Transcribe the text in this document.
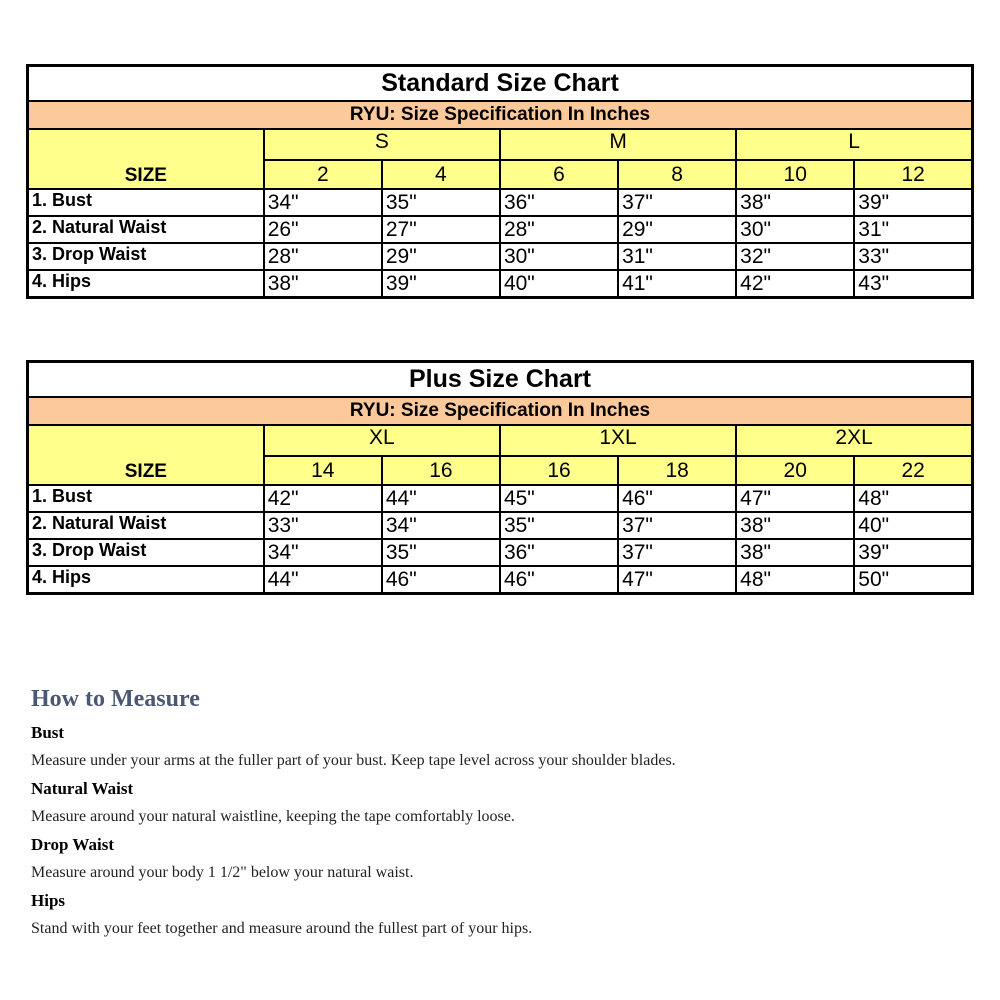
Standard Size Chart						
RYU: Size Specification In Inches						
SIZE	S		M		L	
	2	4	6	8	10	12
1. Bust	34"	35"	36"	37"	38"	39"
2. Natural Waist	26"	27"	28"	29"	30"	31"
3. Drop Waist	28"	29"	30"	31"	32"	33"
4. Hips	38"	39"	40"	41"	42"	43"
Plus Size Chart						
RYU: Size Specification In Inches						
SIZE	XL		1XL		2XL	
	14	16	16	18	20	22
1. Bust	42"	44"	45"	46"	47"	48"
2. Natural Waist	33"	34"	35"	37"	38"	40"
3. Drop Waist	34"	35"	36"	37"	38"	39"
4. Hips	44"	46"	46"	47"	48"	50"
How to Measure

Bust

Measure under your arms at the fuller part of your bust. Keep tape level across your shoulder blades.

Natural Waist

Measure around your natural waistline, keeping the tape comfortably loose.

Drop Waist

Measure around your body 1 1/2" below your natural waist.

Hips

Stand with your feet together and measure around the fullest part of your hips.
